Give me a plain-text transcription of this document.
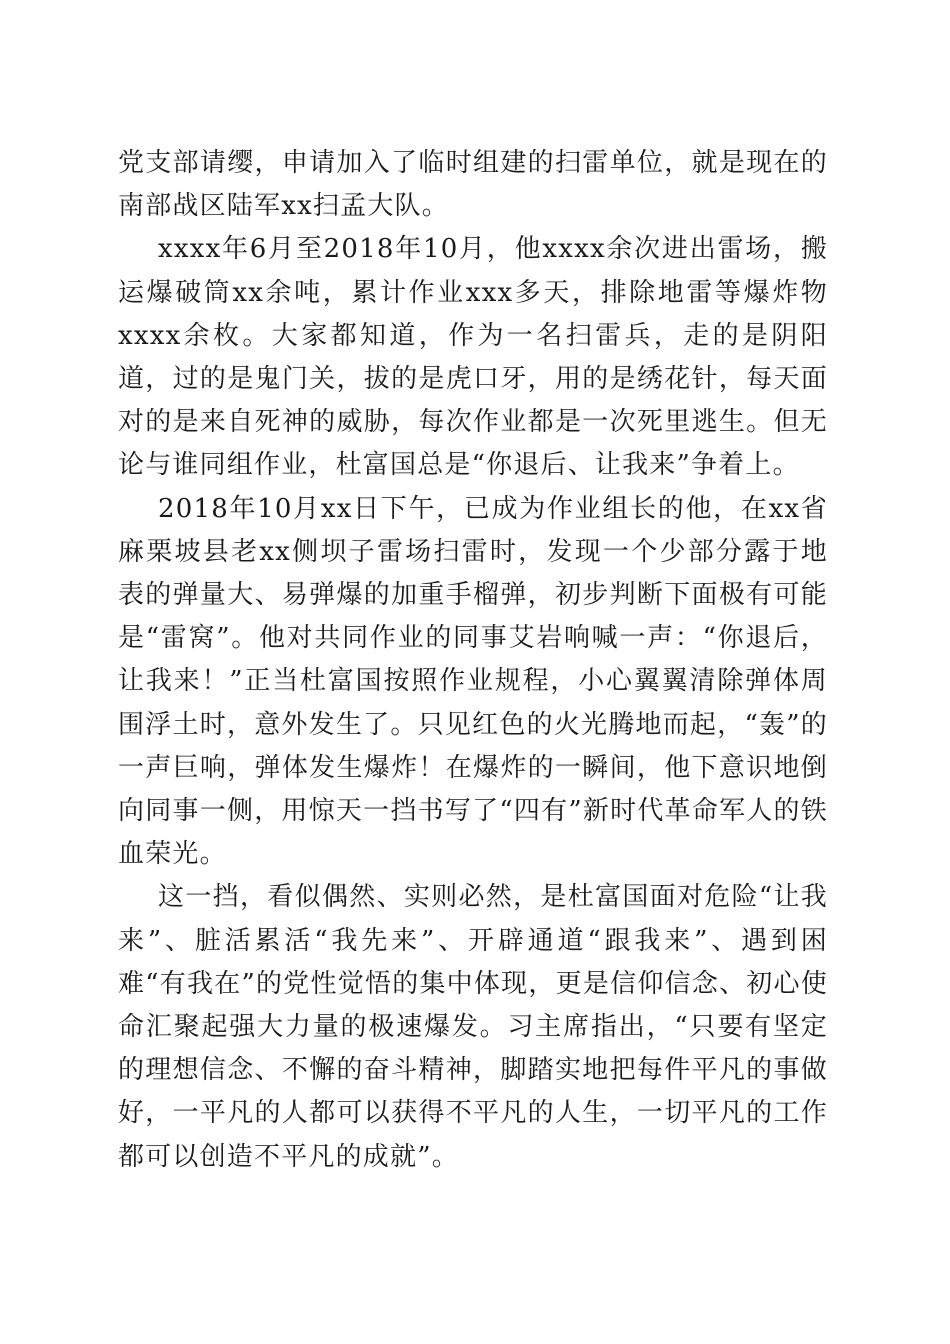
党支部请缨，申请加入了临时组建的扫雷单位，就是现在的南部战区陆军xx扫孟大队。

xxxx年6月至2018年10月，他xxxx余次进出雷场，搬运爆破筒xx余吨，累计作业xxx多天，排除地雷等爆炸物xxxx余枚。大家都知道，作为一名扫雷兵，走的是阴阳道，过的是鬼门关，拔的是虎口牙，用的是绣花针，每天面对的是来自死神的威胁，每次作业都是一次死里逃生。但无论与谁同组作业，杜富国总是“你退后、让我来”争着上。

2018年10月xx日下午，已成为作业组长的他，在xx省麻栗坡县老xx侧坝子雷场扫雷时，发现一个少部分露于地表的弹量大、易弹爆的加重手榴弹，初步判断下面极有可能是“雷窝”。他对共同作业的同事艾岩响喊一声：“你退后，让我来！”正当杜富国按照作业规程，小心翼翼清除弹体周围浮土时，意外发生了。只见红色的火光腾地而起，“轰”的一声巨响，弹体发生爆炸！在爆炸的一瞬间，他下意识地倒向同事一侧，用惊天一挡书写了“四有”新时代革命军人的铁血荣光。

这一挡，看似偶然、实则必然，是杜富国面对危险“让我来”、脏活累活“我先来”、开辟通道“跟我来”、遇到困难“有我在”的党性觉悟的集中体现，更是信仰信念、初心使命汇聚起强大力量的极速爆发。习主席指出，“只要有坚定的理想信念、不懈的奋斗精神，脚踏实地把每件平凡的事做好，一平凡的人都可以获得不平凡的人生，一切平凡的工作都可以创造不平凡的成就”。
